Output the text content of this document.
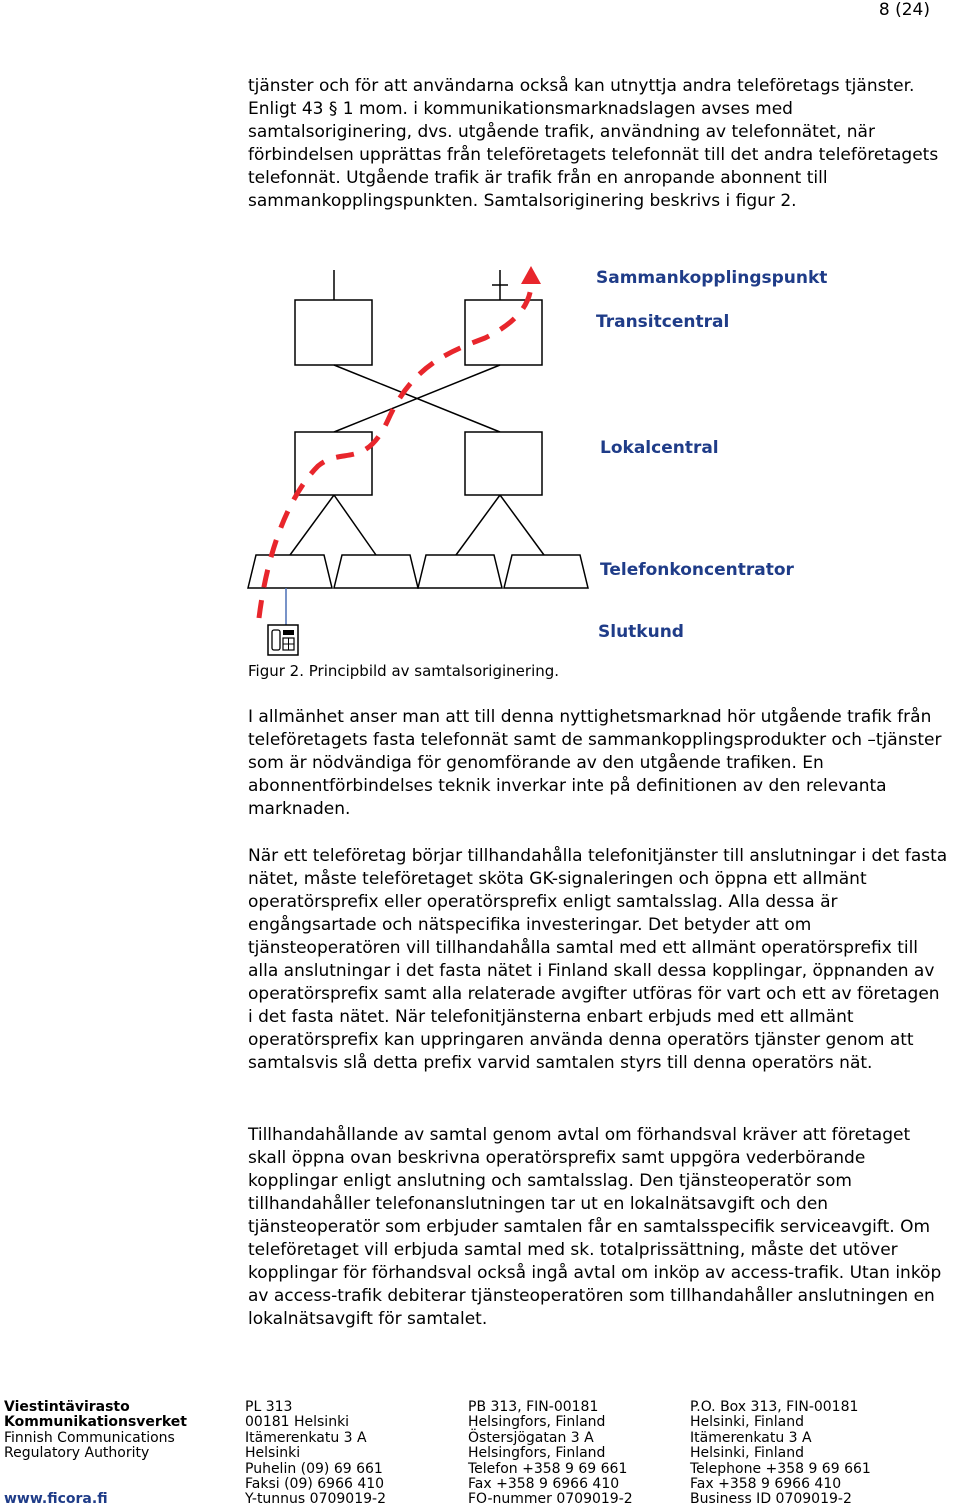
8 (24)

tjänster och för att användarna också kan utnyttja andra teleföretags tjänster. Enligt 43 § 1 mom. i kommunikationsmarknadslagen avses med samtalsoriginering, dvs. utgående trafik, användning av telefonnätet, när förbindelsen upprättas från teleföretagets telefonnät till det andra teleföretagets telefonnät. Utgående trafik är trafik från en anropande abonnent till sammankopplingspunkten. Samtalsoriginering beskrivs i figur 2.

Sammankopplingspunkt
Transitcentral
Lokalcentral
Telefonkoncentrator
Slutkund
Figur 2. Principbild av samtalsoriginering.

I allmänhet anser man att till denna nyttighetsmarknad hör utgående trafik från teleföretagets fasta telefonnät samt de sammankopplingsprodukter och –tjänster som är nödvändiga för genomförande av den utgående trafiken. En abonnentförbindelses teknik inverkar inte på definitionen av den relevanta marknaden.

När ett teleföretag börjar tillhandahålla telefonitjänster till anslutningar i det fasta nätet, måste teleföretaget sköta GK-signaleringen och öppna ett allmänt operatörsprefix eller operatörsprefix enligt samtalsslag. Alla dessa är engångsartade och nätspecifika investeringar. Det betyder att om tjänsteoperatören vill tillhandahålla samtal med ett allmänt operatörsprefix till alla anslutningar i det fasta nätet i Finland skall dessa kopplingar, öppnanden av operatörsprefix samt alla relaterade avgifter utföras för vart och ett av företagen i det fasta nätet. När telefonitjänsterna enbart erbjuds med ett allmänt operatörsprefix kan uppringaren använda denna operatörs tjänster genom att samtalsvis slå detta prefix varvid samtalen styrs till denna operatörs nät.

Tillhandahållande av samtal genom avtal om förhandsval kräver att företaget skall öppna ovan beskrivna operatörsprefix samt uppgöra vederbörande kopplingar enligt anslutning och samtalsslag. Den tjänsteoperatör som tillhandahåller telefonanslutningen tar ut en lokalnätsavgift och den tjänsteoperatör som erbjuder samtalen får en samtalsspecifik serviceavgift. Om teleföretaget vill erbjuda samtal med sk. totalprissättning, måste det utöver kopplingar för förhandsval också ingå avtal om inköp av access-trafik. Utan inköp av access-trafik debiterar tjänsteoperatören som tillhandahåller anslutningen en lokalnätsavgift för samtalet.

Viestintävirasto
Kommunikationsverket
Finnish Communications
Regulatory Authority
www.ficora.fi
PL 313
00181 Helsinki
Itämerenkatu 3 A
Helsinki
Puhelin (09) 69 661
Faksi (09) 6966 410
Y-tunnus 0709019-2
PB 313, FIN-00181
Helsingfors, Finland
Östersjögatan 3 A
Helsingfors, Finland
Telefon +358 9 69 661
Fax +358 9 6966 410
FO-nummer 0709019-2
P.O. Box 313, FIN-00181
Helsinki, Finland
Itämerenkatu 3 A
Helsinki, Finland
Telephone +358 9 69 661
Fax +358 9 6966 410
Business ID 0709019-2
